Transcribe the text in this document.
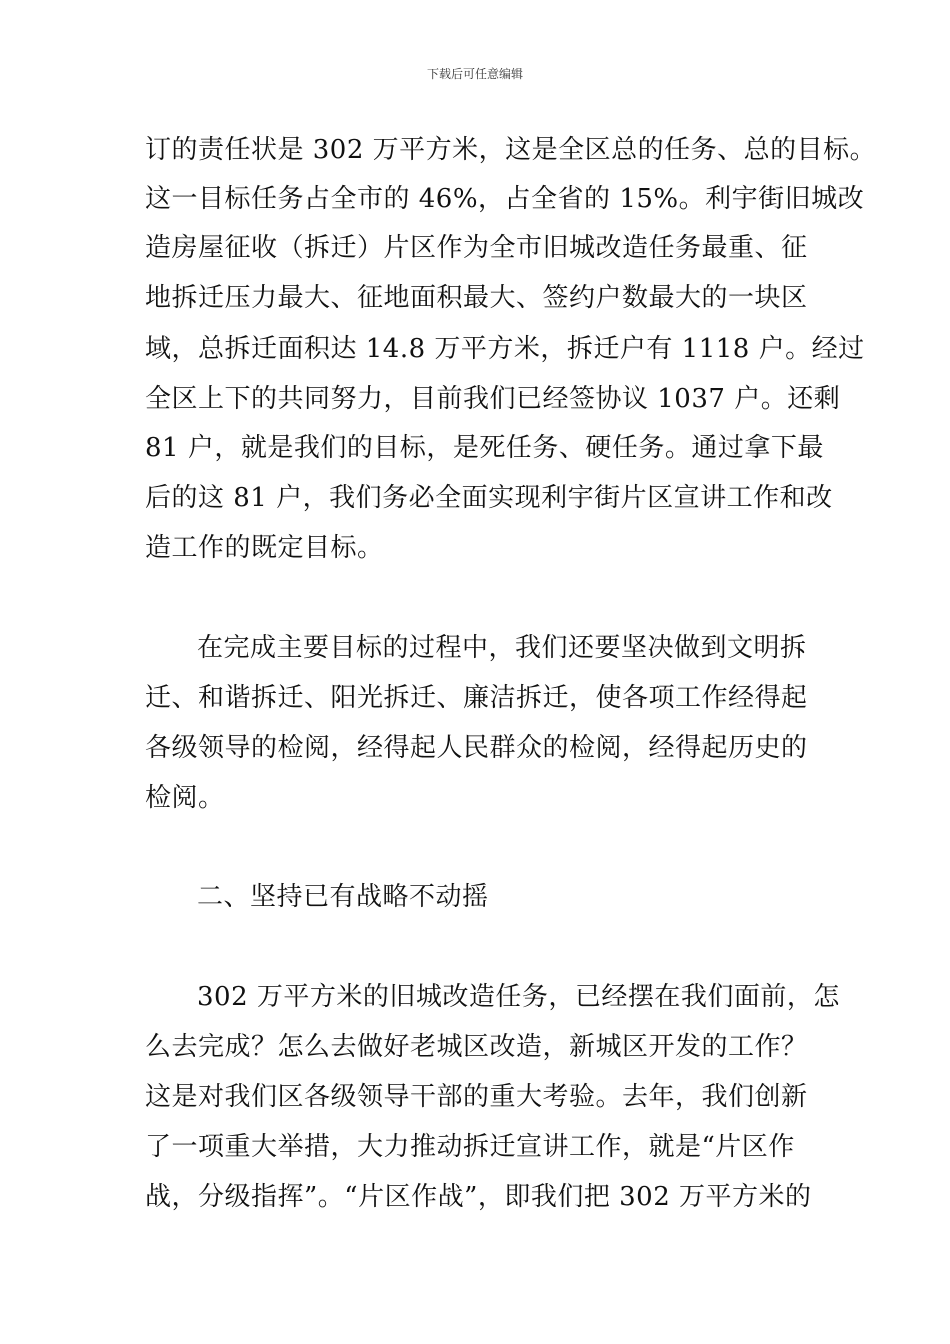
下载后可任意编辑
订的责任状是 302 万平方米，这是全区总的任务、总的目标。
这一目标任务占全市的 46%，占全省的 15%。利宇街旧城改
造房屋征收（拆迁）片区作为全市旧城改造任务最重、征
地拆迁压力最大、征地面积最大、签约户数最大的一块区
域，总拆迁面积达 14.8 万平方米，拆迁户有 1118 户。经过
全区上下的共同努力，目前我们已经签协议 1037 户。还剩
81 户，就是我们的目标，是死任务、硬任务。通过拿下最
后的这 81 户，我们务必全面实现利宇街片区宣讲工作和改
造工作的既定目标。
在完成主要目标的过程中，我们还要坚决做到文明拆
迁、和谐拆迁、阳光拆迁、廉洁拆迁，使各项工作经得起
各级领导的检阅，经得起人民群众的检阅，经得起历史的
检阅。
二、坚持已有战略不动摇
302 万平方米的旧城改造任务，已经摆在我们面前，怎
么去完成？怎么去做好老城区改造，新城区开发的工作？
这是对我们区各级领导干部的重大考验。去年，我们创新
了一项重大举措，大力推动拆迁宣讲工作，就是“片区作
战，分级指挥”。“片区作战”，即我们把 302 万平方米的
